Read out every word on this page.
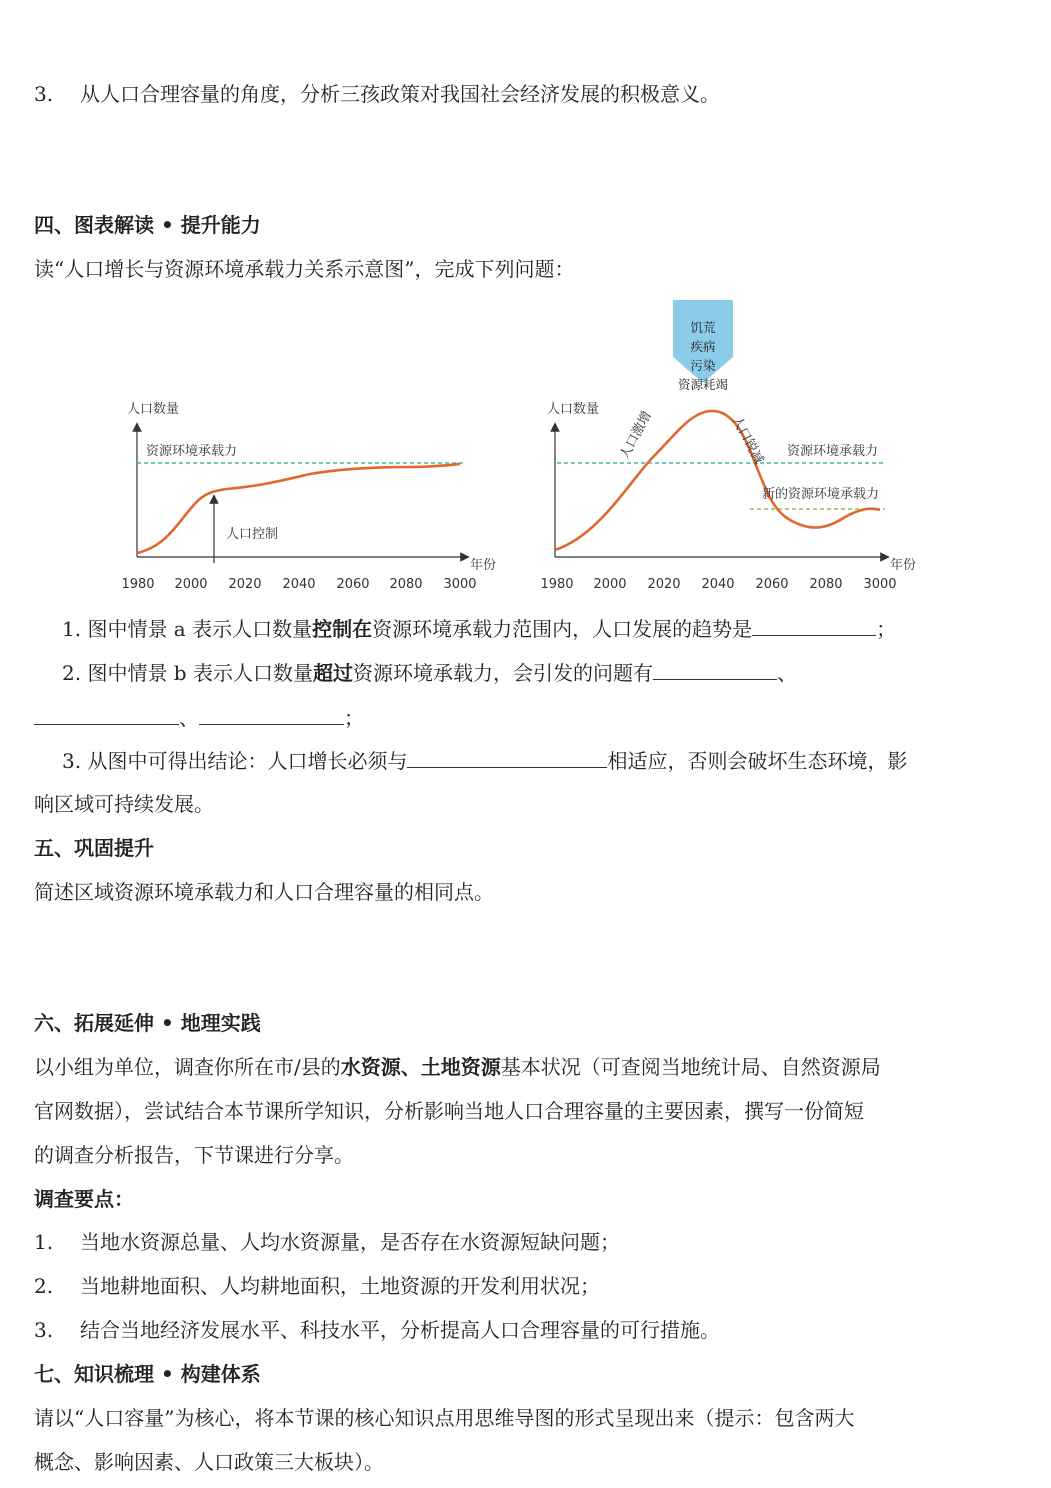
3. 从人口合理容量的角度，分析三孩政策对我国社会经济发展的积极意义。
四、图表解读 • 提升能力
读“人口增长与资源环境承载力关系示意图”，完成下列问题：
人口数量
年份
资源环境承载力
人口控制
1980 2000 2020 2040 2060 2080 3000
人口数量
年份
饥荒
疾病
污染
资源耗竭
资源环境承载力
新的资源环境承载力
人口激增	人口锐减
1980 2000 2020 2040 2060 2080 3000
1. 图中情景 a 表示人口数量控制在资源环境承载力范围内，人口发展的趋势是	；
2. 图中情景 b 表示人口数量超过资源环境承载力，会引发的问题有	、
、	；
3. 从图中可得出结论：人口增长必须与	相适应，否则会破坏生态环境，影
响区域可持续发展。
五、巩固提升
简述区域资源环境承载力和人口合理容量的相同点。
六、拓展延伸 • 地理实践
以小组为单位，调查你所在市/县的水资源、土地资源基本状况（可查阅当地统计局、自然资源局
官网数据），尝试结合本节课所学知识，分析影响当地人口合理容量的主要因素，撰写一份简短
的调查分析报告，下节课进行分享。
调查要点：
1. 当地水资源总量、人均水资源量，是否存在水资源短缺问题；
2. 当地耕地面积、人均耕地面积，土地资源的开发利用状况；
3. 结合当地经济发展水平、科技水平，分析提高人口合理容量的可行措施。
七、知识梳理 • 构建体系
请以“人口容量”为核心，将本节课的核心知识点用思维导图的形式呈现出来（提示：包含两大
概念、影响因素、人口政策三大板块）。
